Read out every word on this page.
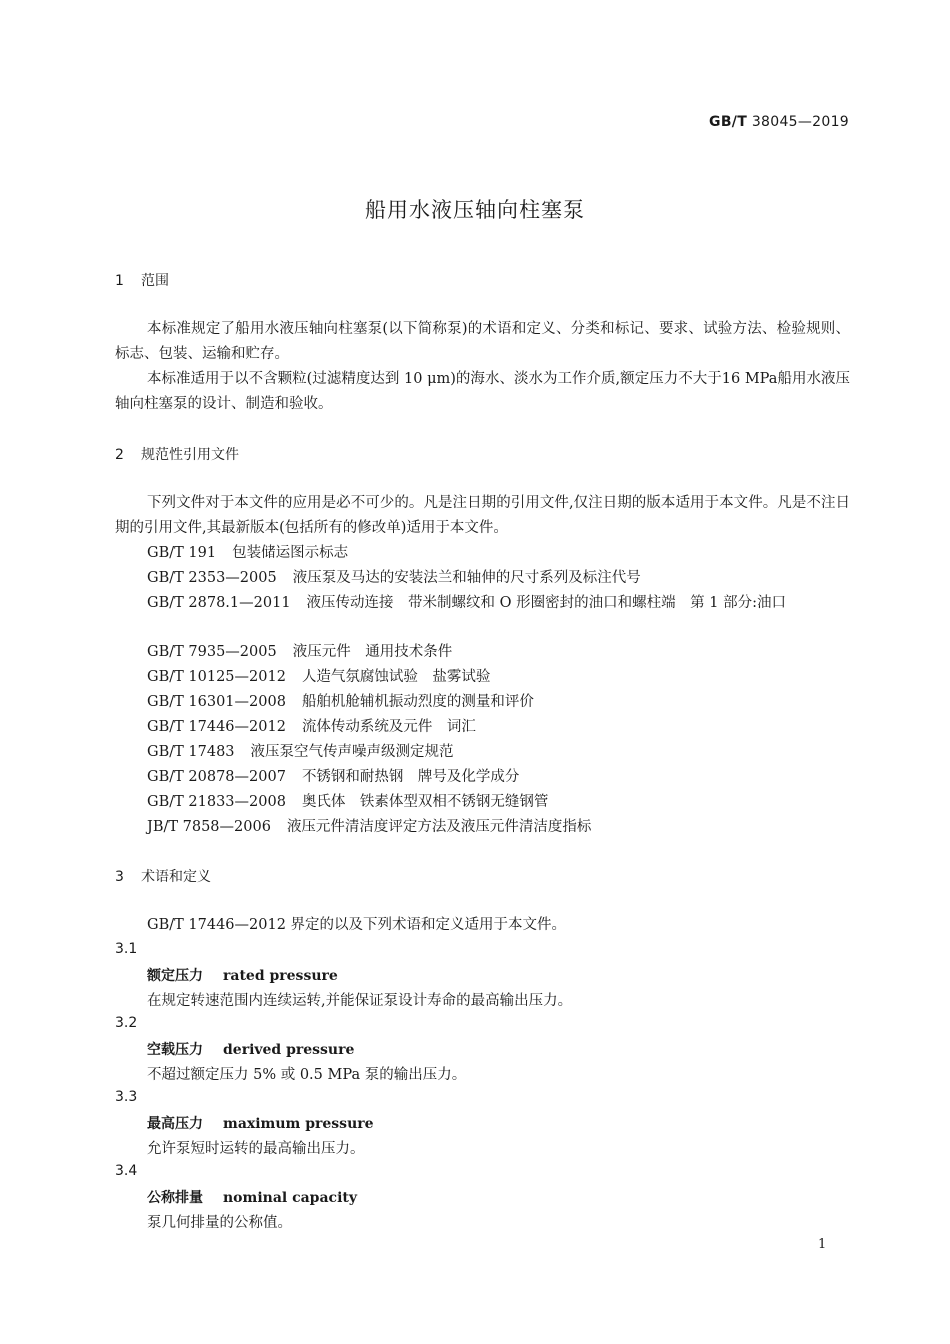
GB/T 38045—2019
船用水液压轴向柱塞泵
1 范围
本标准规定了船用水液压轴向柱塞泵(以下简称泵)的术语和定义、分类和标记、要求、试验方法、检验规则、标志、包装、运输和贮存。
本标准适用于以不含颗粒(过滤精度达到 10 μm)的海水、淡水为工作介质,额定压力不大于16 MPa船用水液压轴向柱塞泵的设计、制造和验收。
2 规范性引用文件
下列文件对于本文件的应用是必不可少的。凡是注日期的引用文件,仅注日期的版本适用于本文件。凡是不注日期的引用文件,其最新版本(包括所有的修改单)适用于本文件。
GB/T 191 包装储运图示标志
GB/T 2353—2005 液压泵及马达的安装法兰和轴伸的尺寸系列及标注代号
GB/T 2878.1—2011 液压传动连接　带米制螺纹和 O 形圈密封的油口和螺柱端　第 1 部分:油口
GB/T 7935—2005 液压元件　通用技术条件
GB/T 10125—2012 人造气氛腐蚀试验　盐雾试验
GB/T 16301—2008 船舶机舱辅机振动烈度的测量和评价
GB/T 17446—2012 流体传动系统及元件　词汇
GB/T 17483 液压泵空气传声噪声级测定规范
GB/T 20878—2007 不锈钢和耐热钢　牌号及化学成分
GB/T 21833—2008 奥氏体　铁素体型双相不锈钢无缝钢管
JB/T 7858—2006 液压元件清洁度评定方法及液压元件清洁度指标
3 术语和定义
GB/T 17446—2012 界定的以及下列术语和定义适用于本文件。
3.1
额定压力 rated pressure
在规定转速范围内连续运转,并能保证泵设计寿命的最高输出压力。
3.2
空载压力 derived pressure
不超过额定压力 5% 或 0.5 MPa 泵的输出压力。
3.3
最高压力 maximum pressure
允许泵短时运转的最高输出压力。
3.4
公称排量 nominal capacity
泵几何排量的公称值。
1
